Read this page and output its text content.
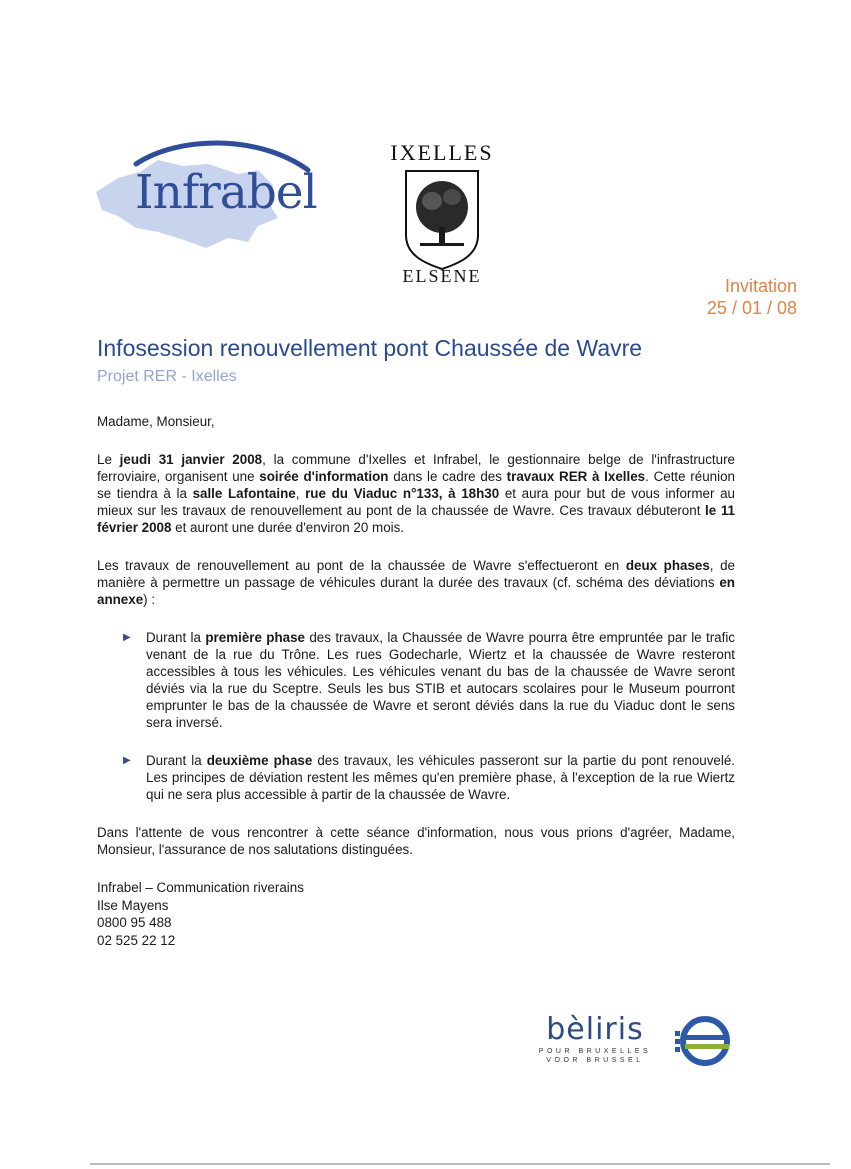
Infrabel
IXELLES
ELSENE	Invitation
25 / 01 / 08
Infosession renouvellement pont Chaussée de Wavre
Projet RER - Ixelles

Madame, Monsieur,

Le jeudi 31 janvier 2008, la commune d'Ixelles et Infrabel, le gestionnaire belge de l'infrastructure ferroviaire, organisent une soirée d'information dans le cadre des travaux RER à Ixelles. Cette réunion se tiendra à la salle Lafontaine, rue du Viaduc n°133, à 18h30 et aura pour but de vous informer au mieux sur les travaux de renouvellement au pont de la chaussée de Wavre. Ces travaux débuteront le 11 février 2008 et auront une durée d'environ 20 mois.

Les travaux de renouvellement au pont de la chaussée de Wavre s'effectueront en deux phases, de manière à permettre un passage de véhicules durant la durée des travaux (cf. schéma des déviations en annexe) :

▶ Durant la première phase des travaux, la Chaussée de Wavre pourra être empruntée par le trafic venant de la rue du Trône. Les rues Godecharle, Wiertz et la chaussée de Wavre resteront accessibles à tous les véhicules. Les véhicules venant du bas de la chaussée de Wavre seront déviés via la rue du Sceptre. Seuls les bus STIB et autocars scolaires pour le Museum pourront emprunter le bas de la chaussée de Wavre et seront déviés dans la rue du Viaduc dont le sens sera inversé.
▶ Durant la deuxième phase des travaux, les véhicules passeront sur la partie du pont renouvelé. Les principes de déviation restent les mêmes qu'en première phase, à l'exception de la rue Wiertz qui ne sera plus accessible à partir de la chaussée de Wavre.

Dans l'attente de vous rencontrer à cette séance d'information, nous vous prions d'agréer, Madame, Monsieur, l'assurance de nos salutations distinguées.

Infrabel – Communication riverains
Ilse Mayens
0800 95 488
02 525 22 12
bèliris
POUR BRUXELLES
VOOR BRUSSEL
